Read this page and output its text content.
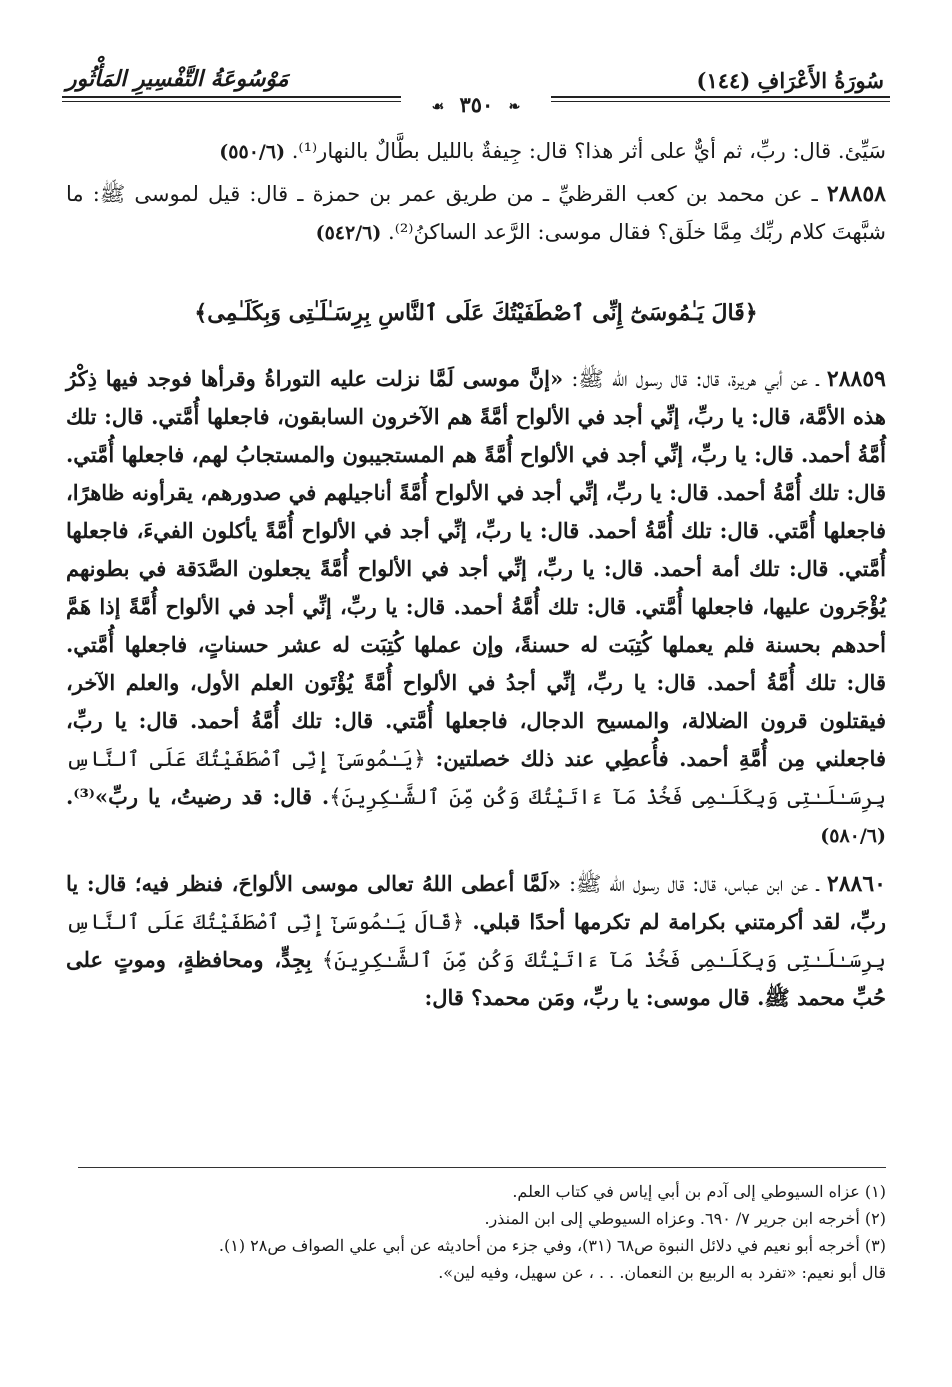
سُورَةُ الأَعْرَافِ (١٤٤)
مَوْسُوعَةُ التَّفْسِيرِ المَأْثُور
❧ ٣٥٠ ☙

سَيِّئ. قال: ربِّ، ثم أيٌّ على أثر هذا؟ قال: جِيفةٌ بالليل بطَّالٌ بالنهار⁽¹⁾. (٥٥٠/٦)

٢٨٨٥٨ ـ عن محمد بن كعب القرظيِّ ـ من طريق عمر بن حمزة ـ قال: قيل لموسى ﷺ: ما شبَّهتَ كلام ربِّك مِمَّا خلَق؟ فقال موسى: الرَّعد الساكنُ⁽²⁾. (٥٤٢/٦)

﴿قَالَ يَـٰمُوسَىٰٓ إِنِّى ٱصْطَفَيْتُكَ عَلَى ٱلنَّاسِ بِرِسَـٰلَـٰتِى وَبِكَلَـٰمِى﴾

٢٨٨٥٩ ـ عن أبي هريرة، قال: قال رسول الله ﷺ: «إنَّ موسى لَمَّا نزلت عليه التوراةُ وقرأها فوجد فيها ذِكْرُ هذه الأمَّة، قال: يا ربِّ، إنِّي أجد في الألواح أمَّةً هم الآخرون السابقون، فاجعلها أُمَّتي. قال: تلك أُمَّةُ أحمد. قال: يا ربِّ، إنِّي أجد في الألواح أُمَّةً هم المستجيبون والمستجابُ لهم، فاجعلها أُمَّتي. قال: تلك أُمَّةُ أحمد. قال: يا ربِّ، إنِّي أجد في الألواح أُمَّةً أناجيلهم في صدورهم، يقرأونه ظاهرًا، فاجعلها أُمَّتي. قال: تلك أُمَّةُ أحمد. قال: يا ربِّ، إنِّي أجد في الألواح أُمَّةً يأكلون الفيءَ، فاجعلها أُمَّتي. قال: تلك أمة أحمد. قال: يا ربِّ، إنِّي أجد في الألواح أُمَّةً يجعلون الصَّدَقة في بطونهم يُؤْجَرون عليها، فاجعلها أُمَّتي. قال: تلك أُمَّةُ أحمد. قال: يا ربِّ، إنِّي أجد في الألواح أُمَّةً إذا هَمَّ أحدهم بحسنة فلم يعملها كُتِبَت له حسنةً، وإن عملها كُتِبَت له عشر حسناتٍ، فاجعلها أُمَّتي. قال: تلك أُمَّةُ أحمد. قال: يا ربِّ، إنِّي أجدُ في الألواح أُمَّةً يُؤْتَون العلم الأول، والعلم الآخر، فيقتلون قرون الضلالة، والمسيح الدجال، فاجعلها أُمَّتي. قال: تلك أُمَّةُ أحمد. قال: يا ربِّ، فاجعلني مِن أُمَّةِ أحمد. فأُعطِي عند ذلك خصلتين: ﴿يَـٰمُوسَىٰٓ إِنِّى ٱصْطَفَيْتُكَ عَلَى ٱلنَّاسِ بِرِسَـٰلَـٰتِى وَبِكَلَـٰمِى فَخُذْ مَآ ءَاتَيْتُكَ وَكُن مِّنَ ٱلشَّـٰكِرِينَ﴾. قال: قد رضيتُ، يا ربِّ»⁽³⁾. (٥٨٠/٦)

٢٨٨٦٠ ـ عن ابن عباس، قال: قال رسول الله ﷺ: «لَمَّا أعطى اللهُ تعالى موسى الألواحَ، فنظر فيه؛ قال: يا ربِّ، لقد أكرمتني بكرامة لم تكرمها أحدًا قبلي. ﴿قَالَ يَـٰمُوسَىٰٓ إِنِّى ٱصْطَفَيْتُكَ عَلَى ٱلنَّاسِ بِرِسَـٰلَـٰتِى وَبِكَلَـٰمِى فَخُذْ مَآ ءَاتَيْتُكَ وَكُن مِّنَ ٱلشَّـٰكِرِينَ﴾ بِجِدٍّ، ومحافظةٍ، وموتٍ على حُبِّ محمد ﷺ. قال موسى: يا ربِّ، ومَن محمد؟ قال:

(١) عزاه السيوطي إلى آدم بن أبي إياس في كتاب العلم.

(٢) أخرجه ابن جرير ٧/ ٦٩٠. وعزاه السيوطي إلى ابن المنذر.

(٣) أخرجه أبو نعيم في دلائل النبوة ص٦٨ (٣١)، وفي جزء من أحاديثه عن أبي علي الصواف ص٢٨ (١).

قال أبو نعيم: «تفرد به الربيع بن النعمان. . . ، عن سهيل، وفيه لين».
